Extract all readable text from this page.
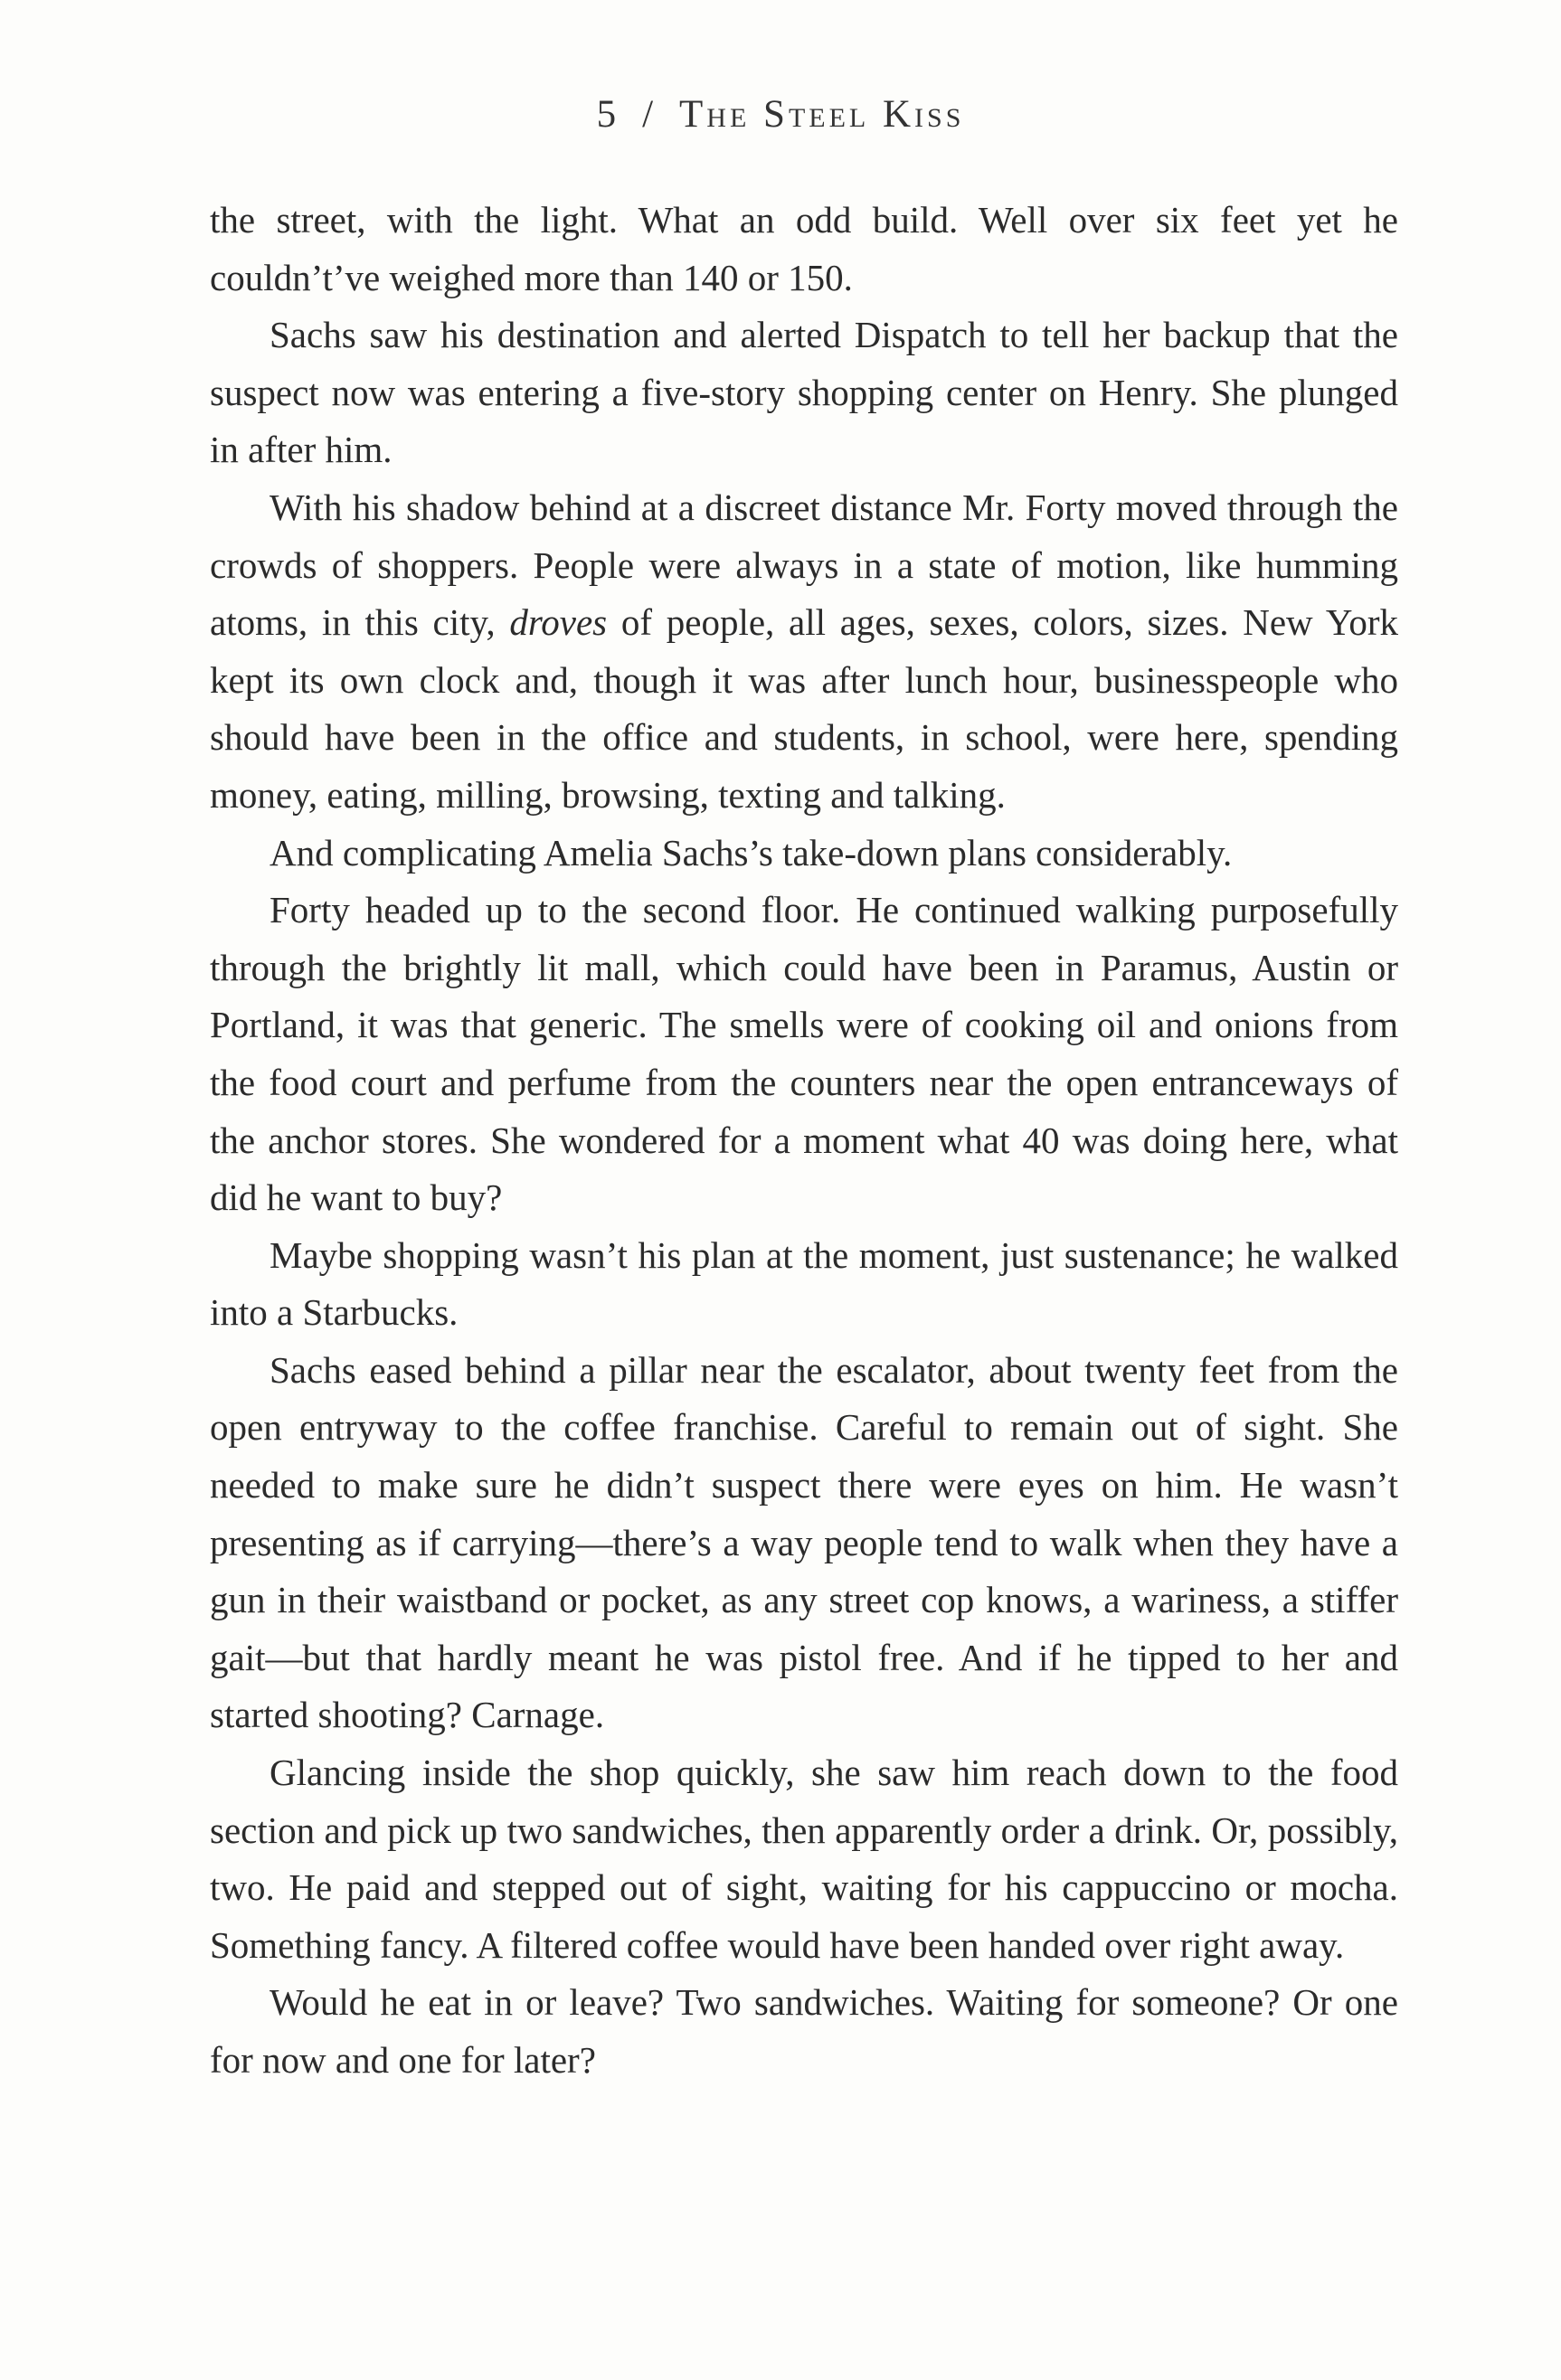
5 / The Steel Kiss

the street, with the light. What an odd build. Well over six feet yet he couldn’t’ve weighed more than 140 or 150.

Sachs saw his destination and alerted Dispatch to tell her backup that the suspect now was entering a five-story shopping center on Henry. She plunged in after him.

With his shadow behind at a discreet distance Mr. Forty moved through the crowds of shoppers. People were always in a state of motion, like humming atoms, in this city, droves of people, all ages, sexes, colors, sizes. New York kept its own clock and, though it was after lunch hour, businesspeople who should have been in the office and students, in school, were here, spending money, eating, milling, browsing, texting and talking.

And complicating Amelia Sachs’s take-down plans considerably.

Forty headed up to the second floor. He continued walking purposefully through the brightly lit mall, which could have been in Paramus, Austin or Portland, it was that generic. The smells were of cooking oil and onions from the food court and perfume from the counters near the open entranceways of the anchor stores. She wondered for a moment what 40 was doing here, what did he want to buy?

Maybe shopping wasn’t his plan at the moment, just sustenance; he walked into a Starbucks.

Sachs eased behind a pillar near the escalator, about twenty feet from the open entryway to the coffee franchise. Careful to remain out of sight. She needed to make sure he didn’t suspect there were eyes on him. He wasn’t presenting as if carrying—there’s a way people tend to walk when they have a gun in their waistband or pocket, as any street cop knows, a wariness, a stiffer gait—but that hardly meant he was pistol free. And if he tipped to her and started shooting? Carnage.

Glancing inside the shop quickly, she saw him reach down to the food section and pick up two sandwiches, then apparently order a drink. Or, possibly, two. He paid and stepped out of sight, waiting for his cappuccino or mocha. Something fancy. A filtered coffee would have been handed over right away.

Would he eat in or leave? Two sandwiches. Waiting for someone? Or one for now and one for later?
